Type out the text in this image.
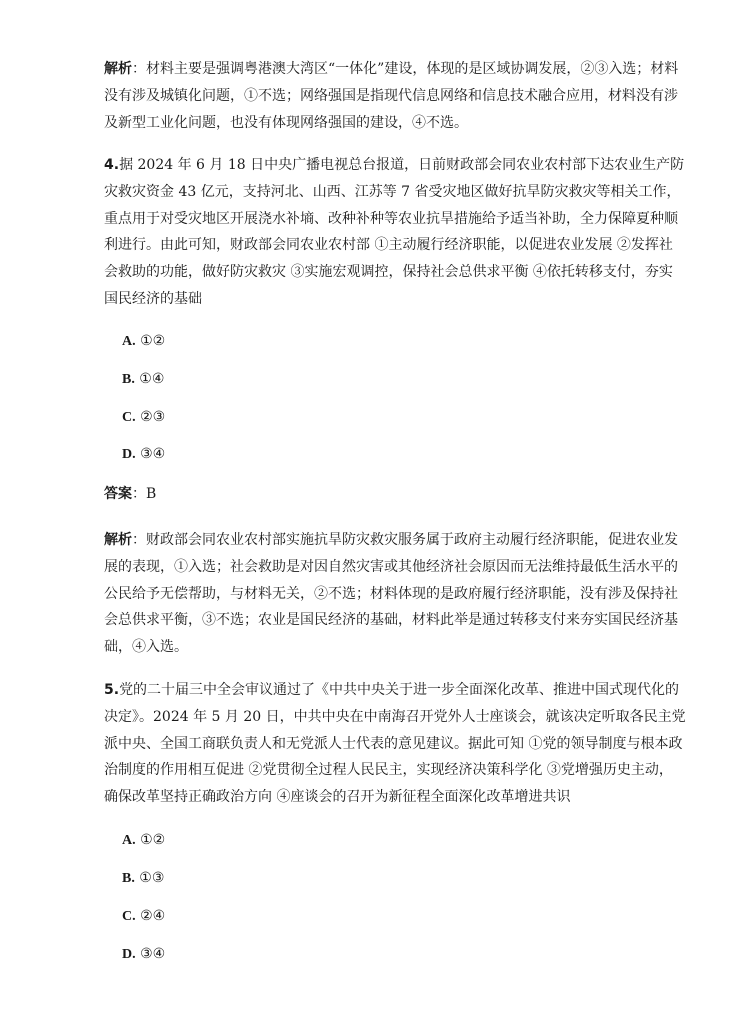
解析：材料主要是强调粤港澳大湾区“一体化”建设，体现的是区域协调发展，②③入选；材料没有涉及城镇化问题，①不选；网络强国是指现代信息网络和信息技术融合应用，材料没有涉及新型工业化问题，也没有体现网络强国的建设，④不选。

4.据 2024 年 6 月 18 日中央广播电视总台报道，日前财政部会同农业农村部下达农业生产防灾救灾资金 43 亿元，支持河北、山西、江苏等 7 省受灾地区做好抗旱防灾救灾等相关工作，重点用于对受灾地区开展浇水补墒、改种补种等农业抗旱措施给予适当补助，全力保障夏种顺利进行。由此可知，财政部会同农业农村部 ①主动履行经济职能，以促进农业发展 ②发挥社会救助的功能，做好防灾救灾 ③实施宏观调控，保持社会总供求平衡 ④依托转移支付，夯实国民经济的基础

A. ①②

B. ①④

C. ②③

D. ③④

答案：B

解析：财政部会同农业农村部实施抗旱防灾救灾服务属于政府主动履行经济职能，促进农业发展的表现，①入选；社会救助是对因自然灾害或其他经济社会原因而无法维持最低生活水平的公民给予无偿帮助，与材料无关，②不选；材料体现的是政府履行经济职能，没有涉及保持社会总供求平衡，③不选；农业是国民经济的基础，材料此举是通过转移支付来夯实国民经济基础，④入选。

5.党的二十届三中全会审议通过了《中共中央关于进一步全面深化改革、推进中国式现代化的决定》。2024 年 5 月 20 日，中共中央在中南海召开党外人士座谈会，就该决定听取各民主党派中央、全国工商联负责人和无党派人士代表的意见建议。据此可知 ①党的领导制度与根本政治制度的作用相互促进 ②党贯彻全过程人民民主，实现经济决策科学化 ③党增强历史主动，确保改革坚持正确政治方向 ④座谈会的召开为新征程全面深化改革增进共识

A. ①②

B. ①③

C. ②④

D. ③④
